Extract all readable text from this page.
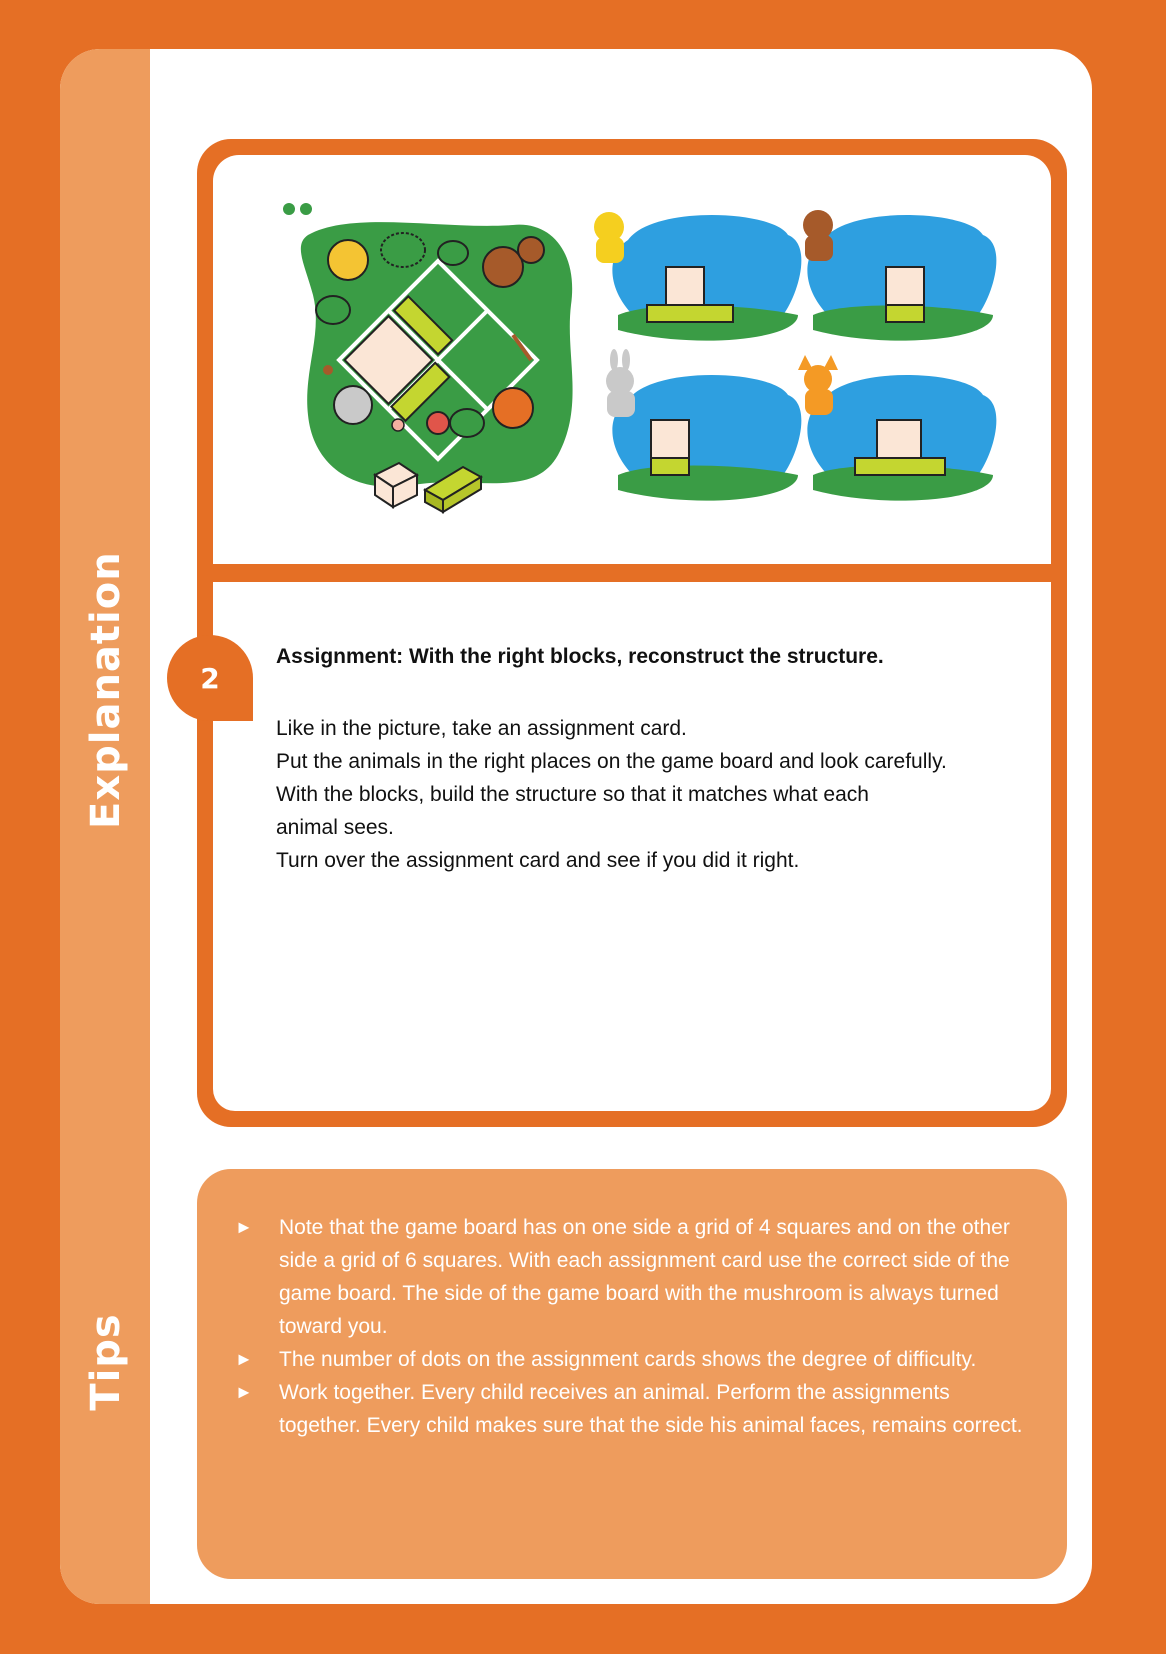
Explanation
Tips
2
Assignment: With the right blocks, reconstruct the structure.

Like in the picture, take an assignment card.

Put the animals in the right places on the game board and look carefully.

With the blocks, build the structure so that it matches what each animal sees.

Turn over the assignment card and see if you did it right.

► Note that the game board has on one side a grid of 4 squares and on the other side a grid of 6 squares. With each assignment card use the correct side of the game board. The side of the game board with the mushroom is always turned toward you.
► The number of dots on the assignment cards shows the degree of difficulty.
► Work together. Every child receives an animal. Perform the assignments together. Every child makes sure that the side his animal faces, remains correct.
